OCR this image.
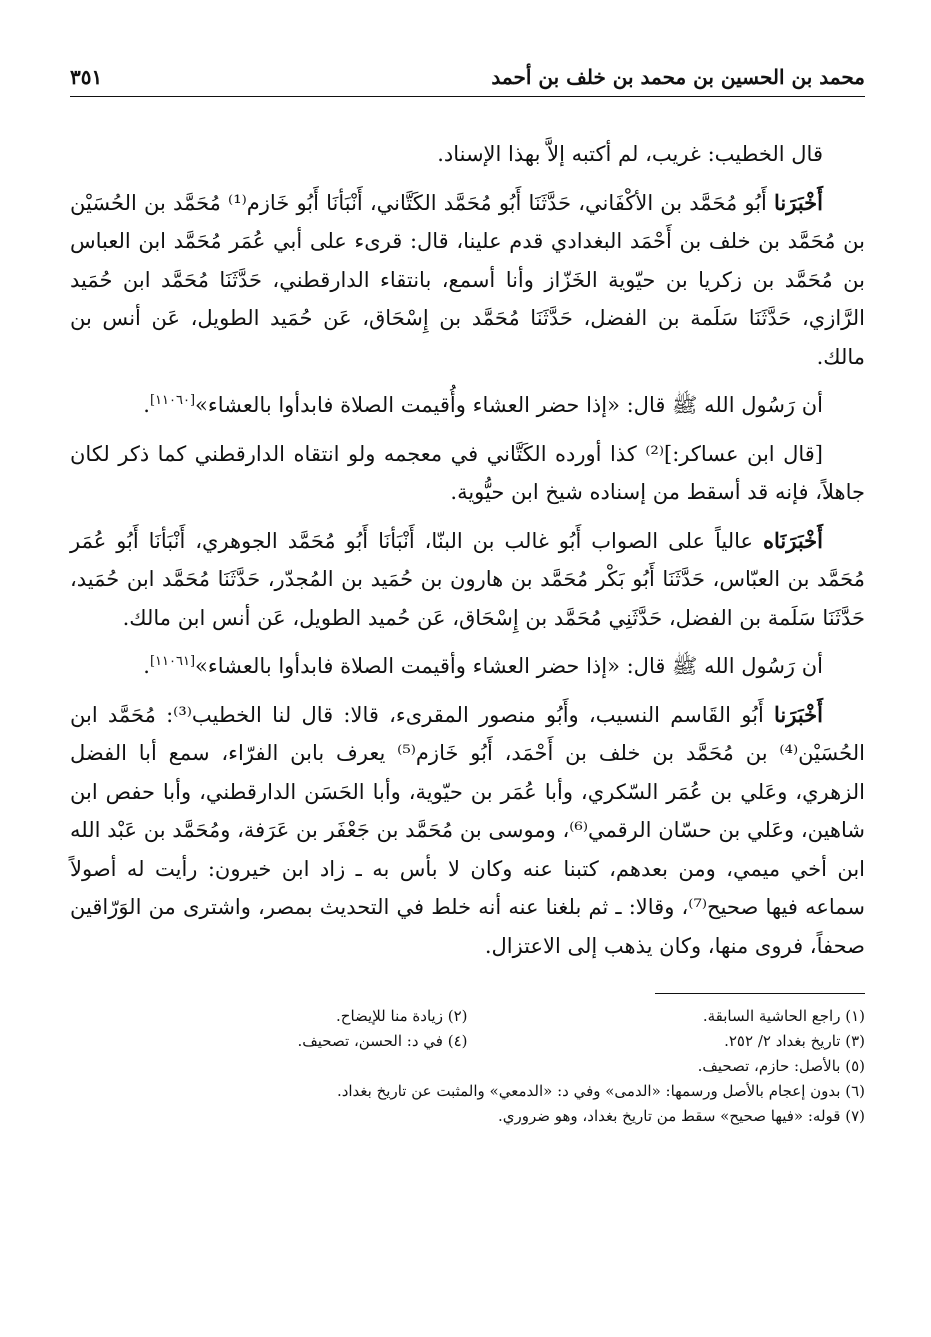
محمد بن الحسين بن محمد بن خلف بن أحمد
٣٥١

قال الخطيب: غريب، لم أكتبه إلاَّ بهذا الإسناد.

أَخْبَرَنا أَبُو مُحَمَّد بن الأكْفَاني، حَدَّثَنَا أَبُو مُحَمَّد الكَتَّاني، أَنْبَأنَا أَبُو خَازم⁽¹⁾ مُحَمَّد بن الحُسَيْن بن مُحَمَّد بن خلف بن أَحْمَد البغدادي قدم علينا، قال: قرىء على أبي عُمَر مُحَمَّد ابن العباس بن مُحَمَّد بن زكريا بن حيّوية الخَزّاز وأنا أسمع، بانتقاء الدارقطني، حَدَّثَنَا مُحَمَّد ابن حُمَيد الرَّازي، حَدَّثَنَا سَلَمة بن الفضل، حَدَّثَنَا مُحَمَّد بن إِسْحَاق، عَن حُمَيد الطويل، عَن أنس بن مالك.

أن رَسُول الله ﷺ قال: «إذا حضر العشاء وأُقيمت الصلاة فابدأوا بالعشاء»[١١٠٦٠].

[قال ابن عساكر:]⁽²⁾ كذا أورده الكَتَّاني في معجمه ولو انتقاه الدارقطني كما ذكر لكان جاهلاً، فإنه قد أسقط من إسناده شيخ ابن حيُّوية.

أَخْبَرَنَاه عالياً على الصواب أَبُو غالب بن البنّا، أَنْبَأنَا أَبُو مُحَمَّد الجوهري، أَنْبَأنَا أَبُو عُمَر مُحَمَّد بن العبّاس، حَدَّثَنَا أَبُو بَكْر مُحَمَّد بن هارون بن حُمَيد بن المُجدّر، حَدَّثَنَا مُحَمَّد ابن حُمَيد، حَدَّثَنَا سَلَمة بن الفضل، حَدَّثَنِي مُحَمَّد بن إِسْحَاق، عَن حُميد الطويل، عَن أنس ابن مالك.

أن رَسُول الله ﷺ قال: «إذا حضر العشاء وأقيمت الصلاة فابدأوا بالعشاء»[١١٠٦١].

أَخْبَرَنا أَبُو القَاسم النسيب، وأَبُو منصور المقرىء، قالا: قال لنا الخطيب⁽³⁾: مُحَمَّد ابن الحُسَيْن⁽⁴⁾ بن مُحَمَّد بن خلف بن أَحْمَد، أَبُو خَازم⁽⁵⁾ يعرف بابن الفرّاء، سمع أبا الفضل الزهري، وعَلي بن عُمَر السّكري، وأبا عُمَر بن حيّوية، وأبا الحَسَن الدارقطني، وأبا حفص ابن شاهين، وعَلي بن حسّان الرقمي⁽⁶⁾، وموسى بن مُحَمَّد بن جَعْفَر بن عَرَفة، ومُحَمَّد بن عَبْد الله ابن أخي ميمي، ومن بعدهم، كتبنا عنه وكان لا بأس به ـ زاد ابن خيرون: رأيت له أصولاً سماعه فيها صحيح⁽⁷⁾، وقالا: ـ ثم بلغنا عنه أنه خلط في التحديث بمصر، واشترى من الوَرّاقين صحفاً، فروى منها، وكان يذهب إلى الاعتزال.

(١) راجع الحاشية السابقة.
(٢) زيادة منا للإيضاح.
(٣) تاريخ بغداد ٢/ ٢٥٢.
(٤) في د: الحسن، تصحيف.
(٥) بالأصل: حازم، تصحيف.
(٦) بدون إعجام بالأصل ورسمها: «الدمى» وفي د: «الدمعي» والمثبت عن تاريخ بغداد.
(٧) قوله: «فيها صحيح» سقط من تاريخ بغداد، وهو ضروري.
